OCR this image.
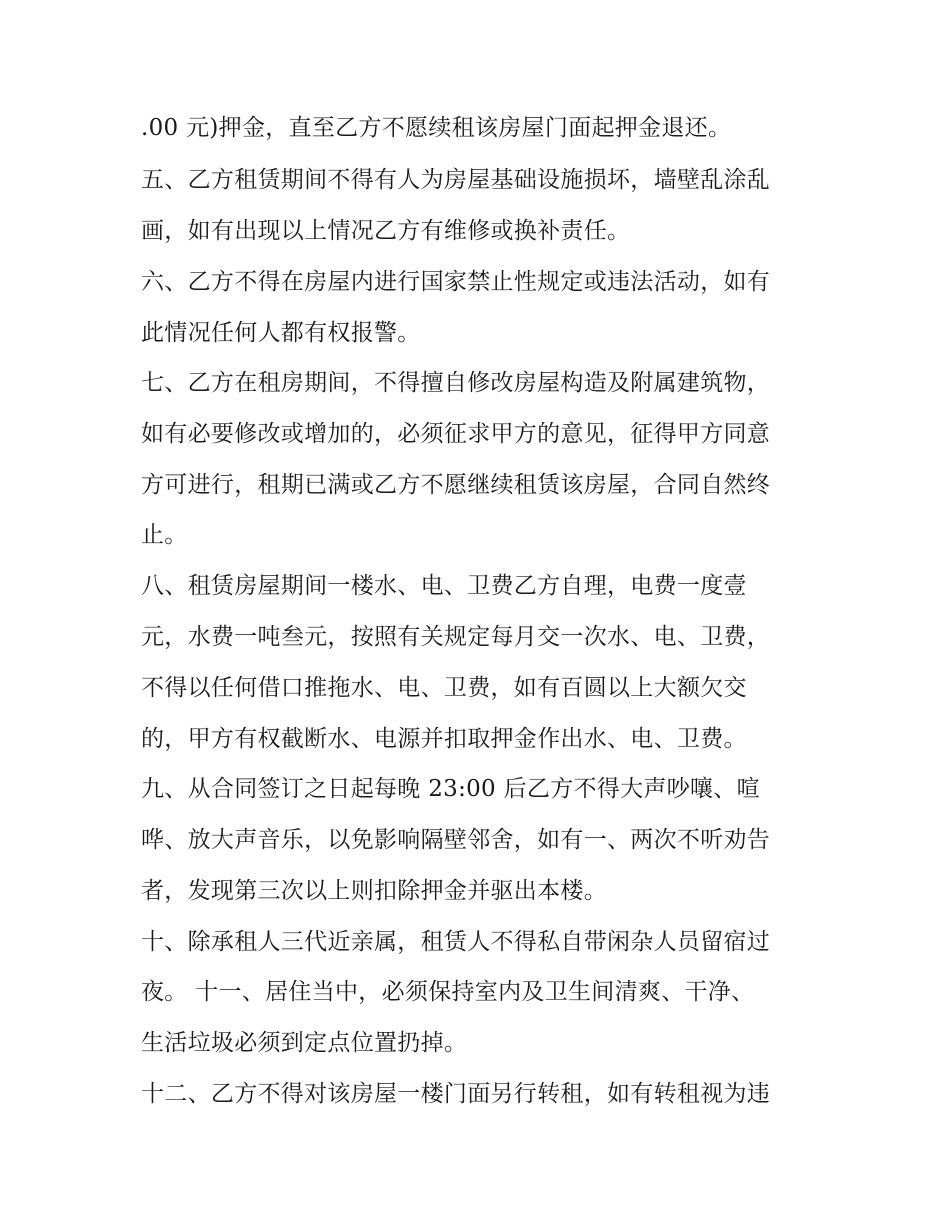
.00 元)押金，直至乙方不愿续租该房屋门面起押金退还。
五、乙方租赁期间不得有人为房屋基础设施损坏，墙壁乱涂乱
画，如有出现以上情况乙方有维修或换补责任。
六、乙方不得在房屋内进行国家禁止性规定或违法活动，如有
此情况任何人都有权报警。
七、乙方在租房期间，不得擅自修改房屋构造及附属建筑物，
如有必要修改或增加的，必须征求甲方的意见，征得甲方同意
方可进行，租期已满或乙方不愿继续租赁该房屋，合同自然终
止。
八、租赁房屋期间一楼水、电、卫费乙方自理，电费一度壹
元，水费一吨叁元，按照有关规定每月交一次水、电、卫费，
不得以任何借口推拖水、电、卫费，如有百圆以上大额欠交
的，甲方有权截断水、电源并扣取押金作出水、电、卫费。
九、从合同签订之日起每晚 23:00 后乙方不得大声吵嚷、喧
哗、放大声音乐，以免影响隔壁邻舍，如有一、两次不听劝告
者，发现第三次以上则扣除押金并驱出本楼。
十、除承租人三代近亲属，租赁人不得私自带闲杂人员留宿过
夜。 十一、居住当中，必须保持室内及卫生间清爽、干净、
生活垃圾必须到定点位置扔掉。
十二、乙方不得对该房屋一楼门面另行转租，如有转租视为违
